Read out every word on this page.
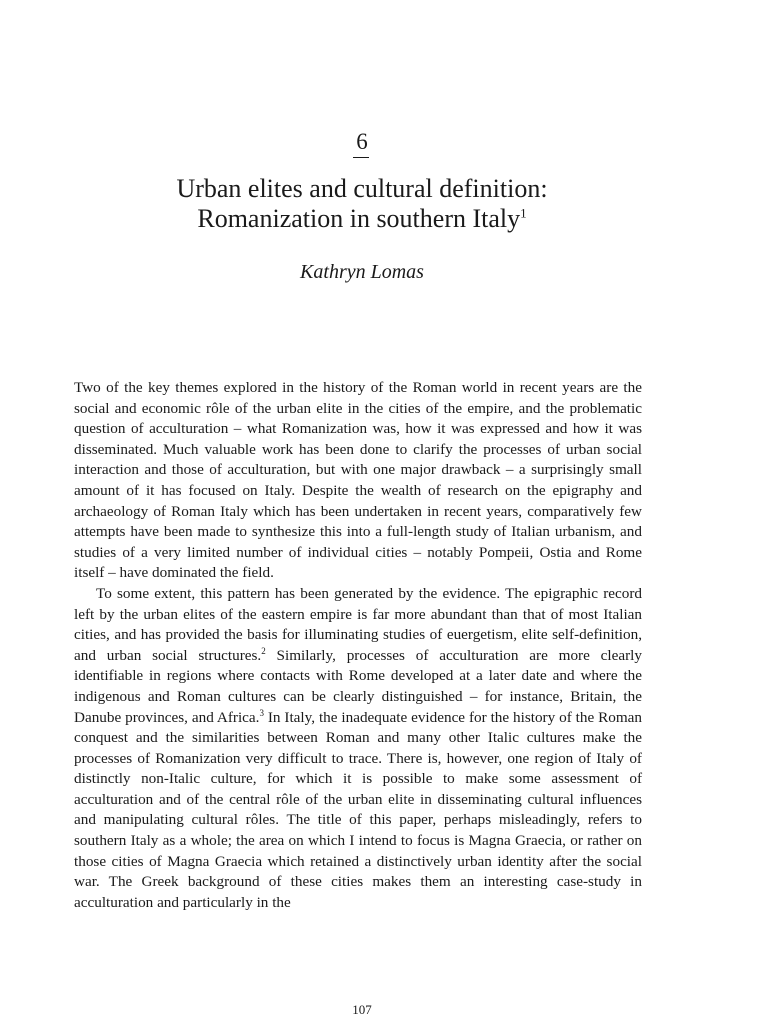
6
Urban elites and cultural definition:
Romanization in southern Italy$^1$
Kathryn Lomas

Two of the key themes explored in the history of the Roman world in recent years are the social and economic rôle of the urban elite in the cities of the empire, and the problematic question of acculturation – what Romanization was, how it was expressed and how it was disseminated. Much valuable work has been done to clarify the processes of urban social interaction and those of acculturation, but with one major drawback – a surprisingly small amount of it has focused on Italy. Despite the wealth of research on the epigraphy and archaeology of Roman Italy which has been undertaken in recent years, comparatively few attempts have been made to synthesize this into a full-length study of Italian urbanism, and studies of a very limited number of individual cities – notably Pompeii, Ostia and Rome itself – have dominated the field.

To some extent, this pattern has been generated by the evidence. The epigraphic record left by the urban elites of the eastern empire is far more abundant than that of most Italian cities, and has provided the basis for illuminating studies of euergetism, elite self-definition, and urban social structures.$^2$ Similarly, processes of acculturation are more clearly identifiable in regions where contacts with Rome developed at a later date and where the indigenous and Roman cultures can be clearly distinguished – for instance, Britain, the Danube provinces, and Africa.$^3$ In Italy, the inadequate evidence for the history of the Roman conquest and the similarities between Roman and many other Italic cultures make the processes of Romanization very difficult to trace. There is, however, one region of Italy of distinctly non-Italic culture, for which it is possible to make some assessment of acculturation and of the central rôle of the urban elite in disseminating cultural influences and manipulating cultural rôles. The title of this paper, perhaps misleadingly, refers to southern Italy as a whole; the area on which I intend to focus is Magna Graecia, or rather on those cities of Magna Graecia which retained a distinctively urban identity after the social war. The Greek background of these cities makes them an interesting case-study in acculturation and particularly in the

107
